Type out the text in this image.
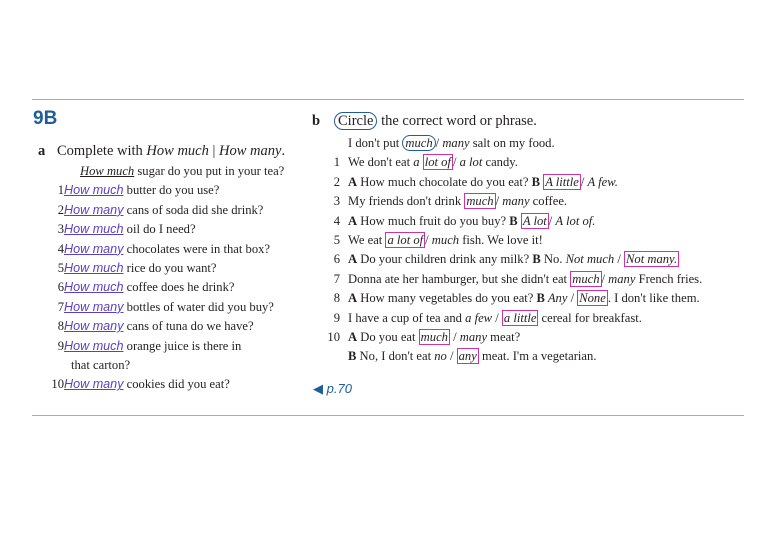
9B
a Complete with How much | How many.
How much sugar do you put in your tea?
1How much butter do you use?
2How many cans of soda did she drink?
3How much oil do I need?
4How many chocolates were in that box?
5How much rice do you want?
6How much coffee does he drink?
7How many bottles of water did you buy?
8How many cans of tuna do we have?
9How much orange juice is there in
that carton?
10How many cookies did you eat?
b Circle the correct word or phrase.
I don't put much / many salt on my food.
1 We don't eat a lot of / a lot candy.
2 A How much chocolate do you eat? B A little / A few.
3 My friends don't drink much / many coffee.
4 A How much fruit do you buy? B A lot / A lot of.
5 We eat a lot of / much fish. We love it!
6 A Do your children drink any milk? B No. Not much / Not many.
7 Donna ate her hamburger, but she didn't eat much / many French fries.
8 A How many vegetables do you eat? B Any / None . I don't like them.
9 I have a cup of tea and a few / a little cereal for breakfast.
10 A Do you eat much / many meat?
B No, I don't eat no / any meat. I'm a vegetarian.
◀ p.70
